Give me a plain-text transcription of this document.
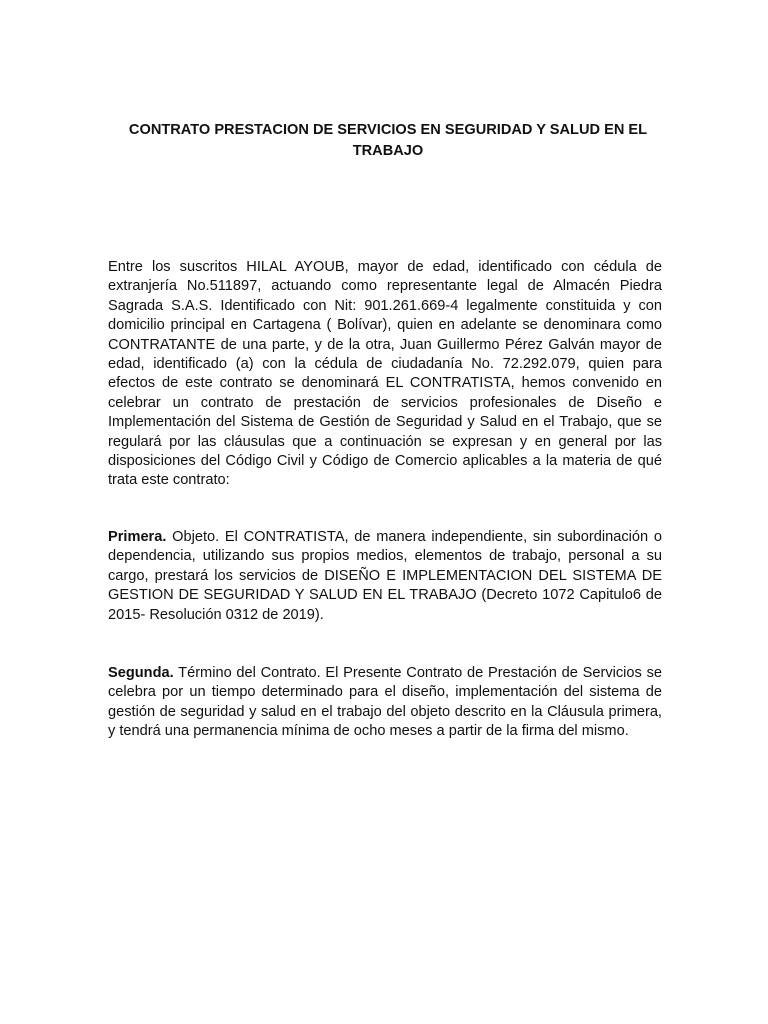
CONTRATO PRESTACION DE SERVICIOS EN SEGURIDAD Y SALUD EN EL TRABAJO

Entre los suscritos HILAL AYOUB, mayor de edad, identificado con cédula de extranjería No.511897, actuando como representante legal de Almacén Piedra Sagrada S.A.S. Identificado con Nit: 901.261.669-4 legalmente constituida y con domicilio principal en Cartagena ( Bolívar), quien en adelante se denominara como CONTRATANTE de una parte, y de la otra, Juan Guillermo Pérez Galván mayor de edad, identificado (a) con la cédula de ciudadanía No. 72.292.079, quien para efectos de este contrato se denominará EL CONTRATISTA, hemos convenido en celebrar un contrato de prestación de servicios profesionales de Diseño e Implementación del Sistema de Gestión de Seguridad y Salud en el Trabajo, que se regulará por las cláusulas que a continuación se expresan y en general por las disposiciones del Código Civil y Código de Comercio aplicables a la materia de qué trata este contrato:

Primera. Objeto. El CONTRATISTA, de manera independiente, sin subordinación o dependencia, utilizando sus propios medios, elementos de trabajo, personal a su cargo, prestará los servicios de DISEÑO E IMPLEMENTACION DEL SISTEMA DE GESTION DE SEGURIDAD Y SALUD EN EL TRABAJO (Decreto 1072 Capitulo6 de 2015- Resolución 0312 de 2019).

Segunda. Término del Contrato. El Presente Contrato de Prestación de Servicios se celebra por un tiempo determinado para el diseño, implementación del sistema de gestión de seguridad y salud en el trabajo del objeto descrito en la Cláusula primera, y tendrá una permanencia mínima de ocho meses a partir de la firma del mismo.
